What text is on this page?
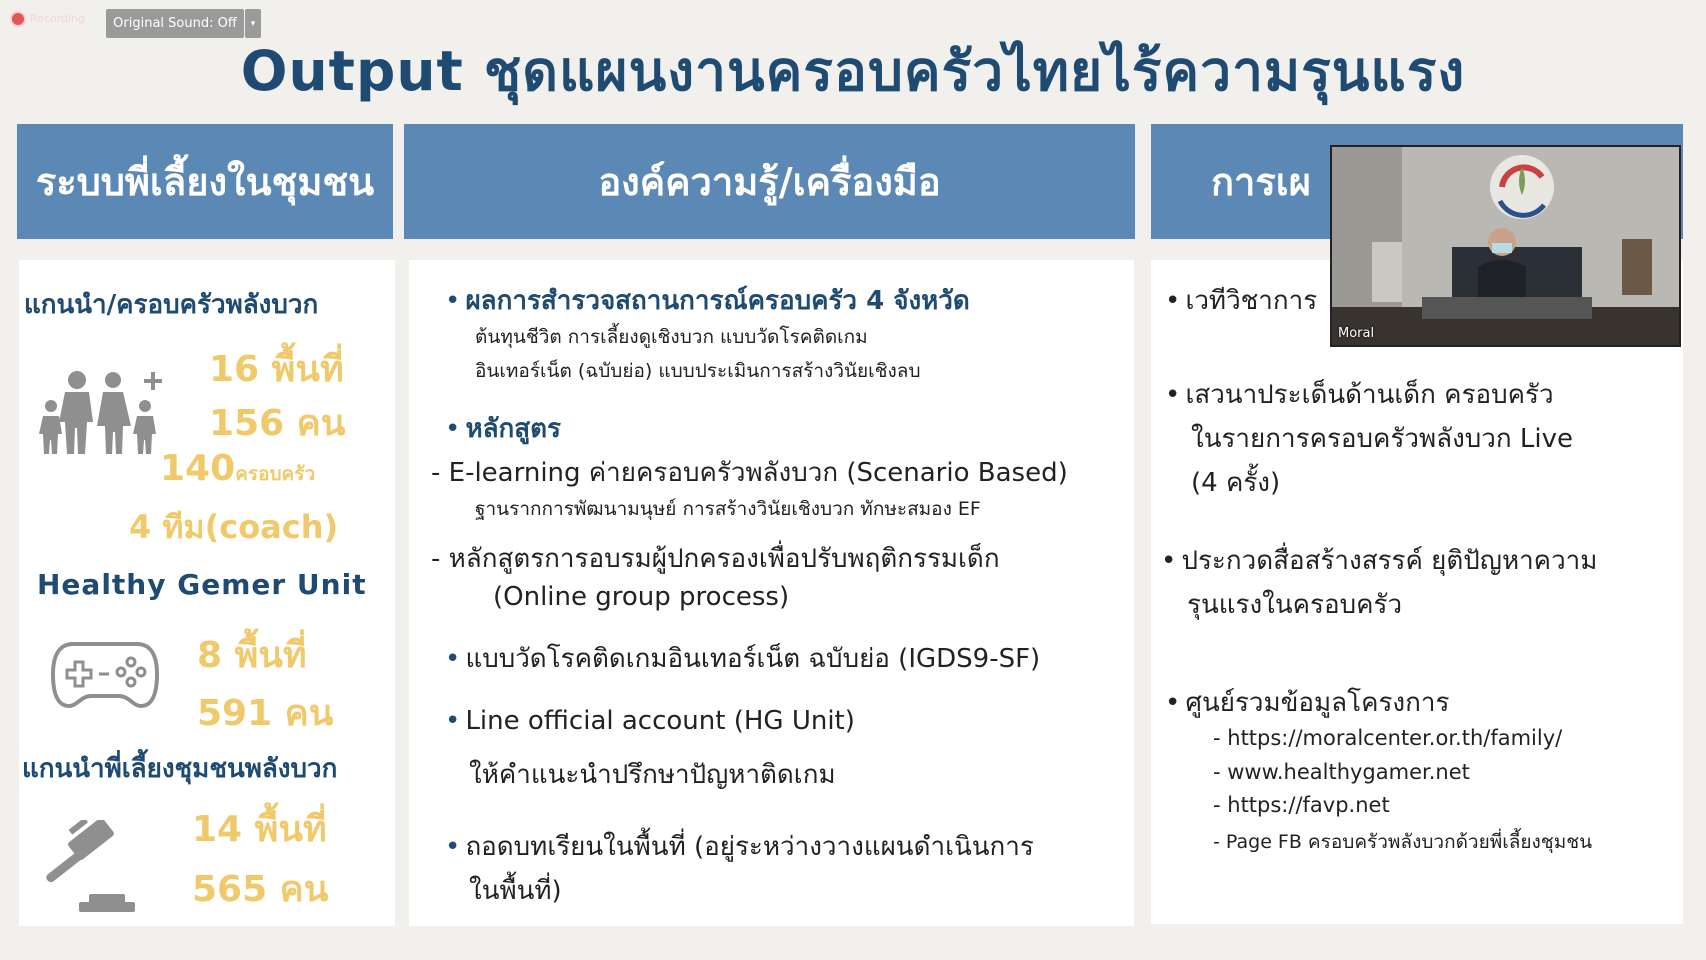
Recording	Original Sound: Off	▾
Output ชุดแผนงานครอบครัวไทยไร้ความรุนแรง
ระบบพี่เลี้ยงในชุมชน	องค์ความรู้/เครื่องมือ	การเผ
แกนนำ/ครอบครัวพลังบวก
16 พื้นที่
156 คน
140ครอบครัว
4 ทีม(coach)
Healthy Gemer Unit
8 พื้นที่
591 คน
แกนนำพี่เลี้ยงชุมชนพลังบวก
14 พื้นที่
565 คน
• ผลการสำรวจสถานการณ์ครอบครัว 4 จังหวัด
ต้นทุนชีวิต การเลี้ยงดูเชิงบวก แบบวัดโรคติดเกม
อินเทอร์เน็ต (ฉบับย่อ) แบบประเมินการสร้างวินัยเชิงลบ
• หลักสูตร
- E-learning ค่ายครอบครัวพลังบวก (Scenario Based)
ฐานรากการพัฒนามนุษย์ การสร้างวินัยเชิงบวก ทักษะสมอง EF
- หลักสูตรการอบรมผู้ปกครองเพื่อปรับพฤติกรรมเด็ก
(Online group process)
• แบบวัดโรคติดเกมอินเทอร์เน็ต ฉบับย่อ (IGDS9-SF)
• Line official account (HG Unit)
ให้คำแนะนำปรึกษาปัญหาติดเกม
• ถอดบทเรียนในพื้นที่ (อยู่ระหว่างวางแผนดำเนินการ
ในพื้นที่)
• เวทีวิชาการ
• เสวนาประเด็นด้านเด็ก ครอบครัว
ในรายการครอบครัวพลังบวก Live
(4 ครั้ง)
• ประกวดสื่อสร้างสรรค์ ยุติปัญหาความ
รุนแรงในครอบครัว
• ศูนย์รวมข้อมูลโครงการ
- https://moralcenter.or.th/family/
- www.healthygamer.net
- https://favp.net
- Page FB ครอบครัวพลังบวกด้วยพี่เลี้ยงชุมชน
Moral
